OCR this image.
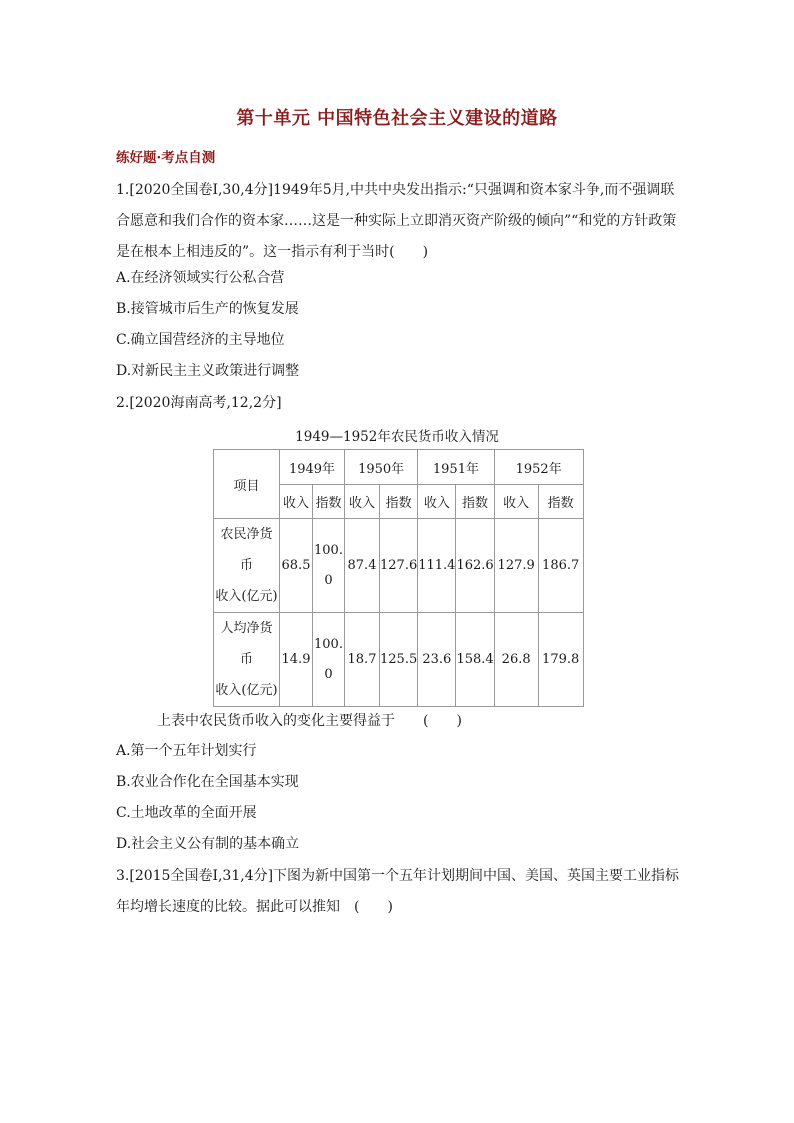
第十单元 中国特色社会主义建设的道路
练好题·考点自测
1.[2020全国卷Ⅰ,30,4分]1949年5月,中共中央发出指示:“只强调和资本家斗争,而不强调联合愿意和我们合作的资本家……这是一种实际上立即消灭资产阶级的倾向”“和党的方针政策是在根本上相违反的”。这一指示有利于当时(　　)
A.在经济领域实行公私合营
B.接管城市后生产的恢复发展
C.确立国营经济的主导地位
D.对新民主主义政策进行调整
2.[2020海南高考,12,2分]
1949—1952年农民货币收入情况
项目	1949年		1950年		1951年		1952年	
	收入	指数	收入	指数	收入	指数	收入	指数

农民净货
币
收入(亿元)	68.5	100.0	87.4	127.6	111.4	162.6	127.9	186.7

人均净货
币
收入(亿元)	14.9	100.0	18.7	125.5	23.6	158.4	26.8	179.8
上表中农民货币收入的变化主要得益于　　(　　)
A.第一个五年计划实行
B.农业合作化在全国基本实现
C.土地改革的全面开展
D.社会主义公有制的基本确立
3.[2015全国卷Ⅰ,31,4分]下图为新中国第一个五年计划期间中国、美国、英国主要工业指标年均增长速度的比较。据此可以推知　(　　)
